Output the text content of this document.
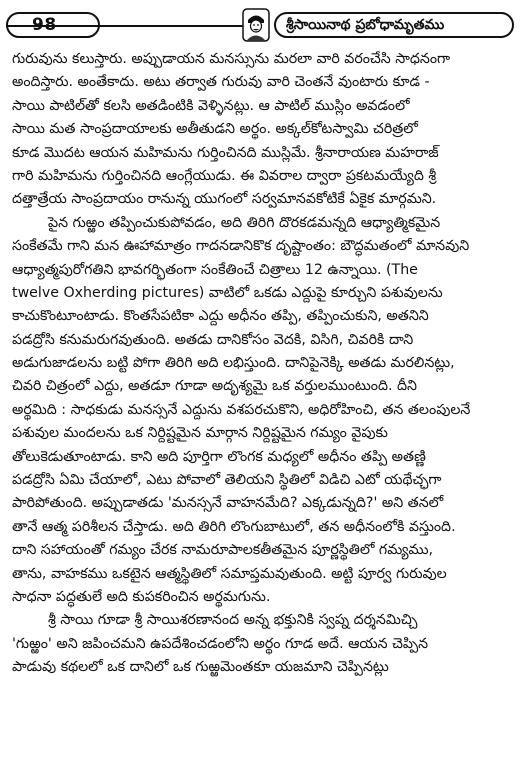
98	శ్రీసాయినాథ ప్రబోధామృతము
గురువును కలుస్తారు. అప్పుడాయన మనస్సును మరలా వారి వరంచేసి సాధనంగా
అందిస్తారు. అంతేకాదు. అటు తర్వాత గురువు వారి చెంతనే వుంటారు కూడ -
సాయి పాటిల్‌తో కలసి అతడింటికి వెళ్ళినట్లు. ఆ పాటిల్ ముస్లిం అవడంలో
సాయి మత సాంప్రదాయాలకు అతీతుడని అర్థం. అక్కల్‌కోటస్వామి చరిత్రలో
కూడ మొదట ఆయన మహిమను గుర్తించినది ముస్లిమే. శ్రీనారాయణ మహరాజ్
గారి మహిమను గుర్తించినది ఆంగ్లేయుడు. ఈ వివరాల ద్వారా ప్రకటమయ్యేది శ్రీ
దత్తాత్రేయ సాంప్రదాయం రానున్న యుగంలో సర్వమానవకోటికే ఏకైక మార్గమని.
పైన గుఱ్ఱం తప్పించుకుపోవడం, అది తిరిగి దొరకడమన్నది ఆధ్యాత్మికమైన
సంకేతమే గాని మన ఊహామాత్రం గాదనడానికొక దృష్టాంతం: బౌద్ధమతంలో మానవుని
ఆధ్యాత్మపురోగతిని భావగర్భితంగా సంకేతించే చిత్రాలు 12 ఉన్నాయి. (The
twelve Oxherding pictures) వాటిలో ఒకడు ఎద్దుపై కూర్చుని పశువులను
కాచుకొంటూంటాడు. కొంతసేపటికా ఎద్దు అధీనం తప్పి, తప్పించుకుని, అతనిని
పడద్రోసి కనుమరుగవుతుంది. అతడు దానికోసం వెదకి, విసిగి, చివరికి దాని
అడుగుజాడలను బట్టి పోగా తిరిగి అది లభిస్తుంది. దానిపైనెక్కి అతడు మరలినట్లు,
చివరి చిత్రంలో ఎద్దు, అతడూ గూడా అదృశ్యమై ఒక వర్తులముంటుంది. దీని
అర్థమిది : సాధకుడు మనస్సనే ఎద్దును వశపరచుకొని, అధిరోహించి, తన తలంపులనే
పశువుల మందలను ఒక నిర్దిష్టమైన మార్గాన నిర్దిష్టమైన గమ్యం వైపుకు
తోలుకెడుతూంటాడు. కాని అది పూర్తిగా లొంగక మధ్యలో అధీనం తప్పి అతణ్ణి
పడద్రోసి ఏమి చేయాలో, ఎటు పోవాలో తెలియని స్థితిలో విడిచి ఎటో యథేచ్ఛగా
పారిపోతుంది. అప్పుడాతడు 'మనస్సనే వాహనమేది? ఎక్కడున్నది?' అని తనలో
తానే ఆత్మ పరిశీలన చేస్తాడు. అది తిరిగి లొంగుబాటులో, తన అధీనంలోకి వస్తుంది.
దాని సహాయంతో గమ్యం చేరక నామరూపాలకతీతమైన పూర్ణస్థితిలో గమ్యము,
తాను, వాహకము ఒకటైన ఆత్మస్థితిలో సమాప్తమవుతుంది. అట్టి పూర్వ గురువుల
సాధనా పద్ధతులే అది కుపకరించిన అర్థమగును.
శ్రీ సాయి గూడా శ్రీ సాయిశరణానంద అన్న భక్తునికి స్వప్న దర్శనమిచ్చి
'గుఱ్ఱం' అని జపించమని ఉపదేశించడంలోని అర్థం గూడ అదే. ఆయన చెప్పిన
పాడువు కథలలో ఒక దానిలో ఒక గుఱ్ఱమెంతకూ యజమాని చెప్పినట్లు
